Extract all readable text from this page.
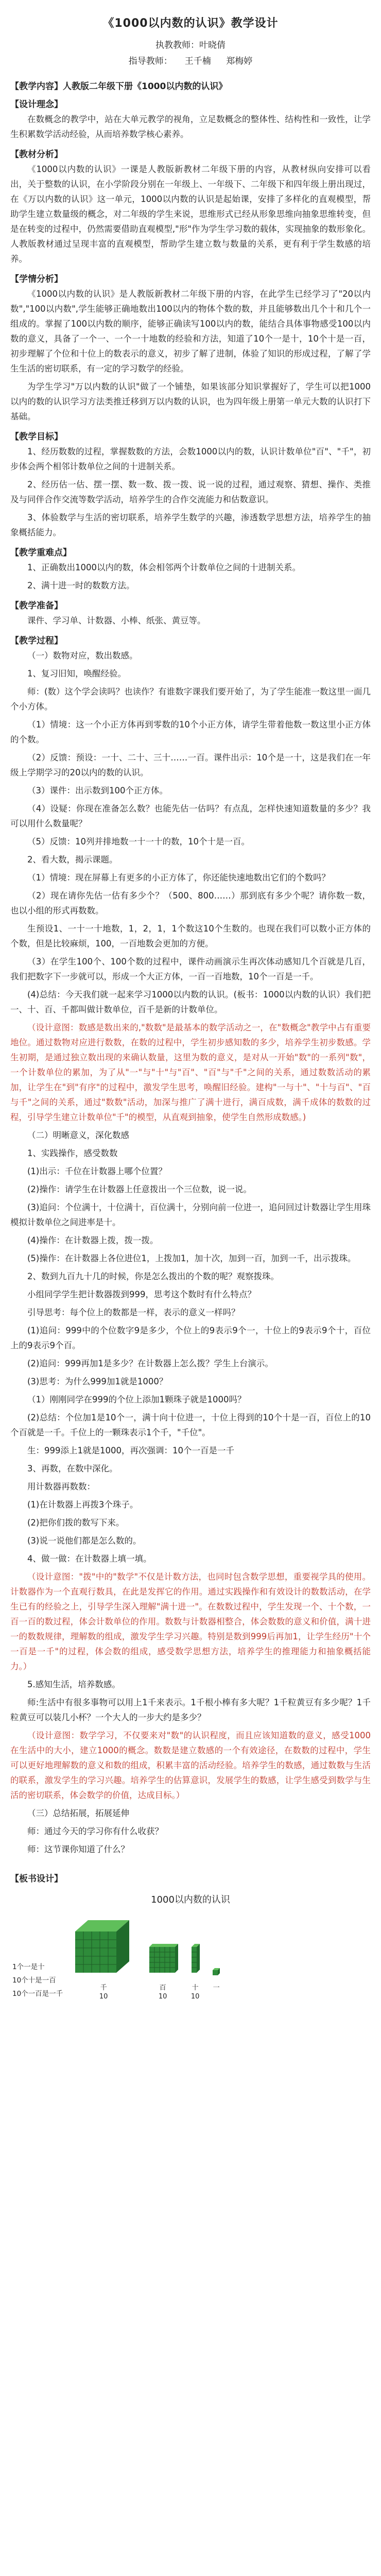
《1000以内数的认识》教学设计
执教教师：叶晓倩
指导教师： 王千楠 郑梅婷
【教学内容】人教版二年级下册《1000以内数的认识》
【设计理念】

在数概念的教学中，站在大单元教学的视角，立足数概念的整体性、结构性和一致性，让学生积累数学活动经验，从而培养数学核心素养。

【教材分析】

《1000以内数的认识》一课是人教版新教材二年级下册的内容，从教材纵向安排可以看出，关于整数的认识，在小学阶段分别在一年级上、一年级下、二年级下和四年级上册出现过，在《万以内数的认识》这一单元，1000以内数的认识是起始课，安排了多样化的直观模型，帮助学生建立数量级的概念，对二年级的学生来说，思维形式已经从形象思维向抽象思维转变，但是在转变的过程中，仍然需要借助直观模型,"形"作为学生学习数的载体，实现抽象的数形象化。人教版教材通过呈现丰富的直观模型，帮助学生建立数与数量的关系，更有利于学生数感的培养。

【学情分析】

《1000以内数的认识》是人教版新教材二年级下册的内容，在此学生已经学习了"20以内数","100以内数",学生能够正确地数出100以内的物体个数的数，并且能够数出几个十和几个一组成的。掌握了100以内数的顺序，能够正确读写100以内的数，能结合具体事物感受100以内数的意义，具备了一个一、一个一十地数的经验和方法，知道了10个一是十，10个十是一百，初步理解了个位和十位上的数表示的意义，初步了解了进制，体验了知识的形成过程，了解了学生生活的密切联系，有一定的学习数学的经验。

为学生学习"万以内数的认识"做了一个铺垫，如果该部分知识掌握好了，学生可以把1000以内的数的认识学习方法类推迁移到万以内数的认识，也为四年级上册第一单元大数的认识打下基础。

【教学目标】

1、经历数数的过程，掌握数数的方法，会数1000以内的数，认识计数单位"百"、"千"，初步体会两个相邻计数单位之间的十进制关系。

2、经历估一估、摆一摆、数一数、拨一拨、说一说的过程，通过观察、猜想、操作、类推及与同伴合作交流等数学活动，培养学生的合作交流能力和估数意识。

3、体验数学与生活的密切联系，培养学生数学的兴趣，渗透数学思想方法，培养学生的抽象概括能力。

【教学重难点】

1、正确数出1000以内的数，体会相邻两个计数单位之间的十进制关系。

2、满十进一时的数数方法。

【教学准备】

课件、学习单、计数器、小棒、纸张、黄豆等。

【教学过程】

（一）数物对应，数出数感。

1、复习旧知，唤醒经验。

师：(数）这个学会读吗？也读作？有谁数字课我们要开始了，为了学生能准一数这里一面几个小方体。

（1）情境：这一个小正方体再到零数的10个小正方体，请学生带着他数一数这里小正方体的个数。

（2）反馈：预设：一十、二十、三十……一百。课件出示：10个是一十，这是我们在一年级上学期学习的20以内的数的认识。

（3）课件：出示数到100个正方体。

（4）设疑：你现在准备怎么数？也能先估一估吗？有点乱，怎样快速知道数量的多少？我可以用什么数量呢？

（5）反馈：10列并排地数一十一十的数，10个十是一百。

2、看大数，揭示课题。

（1）情境：现在屏幕上有更多的小正方体了，你还能快速地数出它们的个数吗？

（2）现在请你先估一估有多少个？（500、800……）那到底有多少个呢？请你数一数，也以小组的形式再数数。

生预设1、一十一十地数，1，2，1，1个数这10个生数的。也现在我们可以数小正方体的个数，但是比较麻烦，100，一百地数会更加的方便。

（3）在学生100个、100个数的过程中，课件动画演示生再次体动感知几个百就是几百，我们把数字下一步就可以，形成一个大正方体，一百一百地数，10个一百是一千。

(4)总结：今天我们就一起来学习1000以内数的认识。(板书：1000以内数的认识）我们把一、十、百、千都叫做计数单位，百千是新的计数单位。

（设计意图：数感是数出来的,"数数"是最基本的数学活动之一，在"数概念"教学中占有重要地位。通过数物对应进行数数，在数的过程中，学生初步感知数的多少，培养学生初步数感。学生初期，是通过独立数出现的来确认数量，这里为数的意义，是对从一开始"数"的一系列"数"，一个计数单位的累加，为了从"一"与"十"与"百"、"百"与"千"之间的关系，通过数数活动的累加，让学生在"到"有序"的过程中，激发学生思考，唤醒旧经验。建构"一与十"、"十与百"、"百与千"之间的关系，通过"数数"活动，加深与推广了满十进行，满百成数，满千成体的数数的过程，引导学生建立计数单位"千"的模型，从直观到抽象，使学生自然形成数感。)

（二）明晰意义，深化数感

1、实践操作，感受数数

(1)出示：千位在计数器上哪个位置？

(2)操作：请学生在计数器上任意拨出一个三位数，说一说。

(3)追问：个位满十，十位满十，百位满十，分别向前一位进一，追问回过计数器让学生用珠模拟计数单位之间进率是十。

(4)操作：在计数器上拨，拨一拨。

(5)操作：在计数器上各位进位1，上拨加1，加十次，加到一百，加到一千，出示拨珠。

2、数到九百九十几的时候，你是怎么拨出的个数的呢？观察拨珠。

小组同学学生把计数器拨到999，思考这个数时有什么特点？

引导思考：每个位上的数都是一样，表示的意义一样吗？

(1)追问：999中的个位数字9是多少，个位上的9表示9个一，十位上的9表示9个十，百位上的9表示9个百。

(2)追问：999再加1是多少？在计数器上怎么拨？学生上台演示。

(3)思考：为什么999加1就是1000？

（1）刚刚同学在999的个位上添加1颗珠子就是1000吗？

(2)总结：个位加1是10个一，满十向十位进一，十位上得到的10个十是一百，百位上的10个百就是一千。千位上的一颗珠表示1个千，"千位"。

生：999添上1就是1000，再次强调：10个一百是一千

3、再数，在数中深化。

用计数器再数数：

(1)在计数器上再拨3个珠子。

(2)把你们拨的数写下来。

(3)说一说他们都是怎么数的。

4、做一做：在计数器上填一填。

（设计意图："拨"中的"数学"不仅是计数方法，也同时包含数学思想，重要视学具的使用。计数器作为一个直观行数具，在此是发挥它的作用。通过实践操作和有效设计的数数活动，在学生已有的经验之上，引导学生深入理解"满十进一"。在数数过程中，学生发现一个、十个数，一百一百的数过程，体会计数单位的作用。数数与计数器相整合，体会数数的意义和价值，满十进一的数数规律，理解数的组成，激发学生学习兴趣。特别是数到999后再加1，让学生经历"十个一百是一千"的过程，体会数的组成，感受数学思想方法，培养学生的推理能力和抽象概括能力。）

5.感知生活，培养数感。

师:生活中有很多事物可以用上1千来表示。1千根小棒有多大呢？1千粒黄豆有多少呢？1千粒黄豆可以装几小杯？一个大人的一步大约是多少？

（设计意图：数学学习，不仅要来对"数"的认识程度，而且应该知道数的意义，感受1000在生活中的大小，建立1000的概念。数数是建立数感的一个有效途径，在数数的过程中，学生可以更好地理解数的意义和数的组成，积累丰富的活动经验。培养学生的数感，通过数数与生活的联系，激发学生的学习兴趣。培养学生的估算意识，发展学生的数感，让学生感受到数学与生活的密切联系，体会数学的价值，达成目标。）

（三）总结拓展，拓展延伸

师：通过今天的学习你有什么收获？

师：这节课你知道了什么？

【板书设计】
1000以内数的认识
1个一是十
10个十是一百
10个一百是一千
千
10
百
10
十
10
一
